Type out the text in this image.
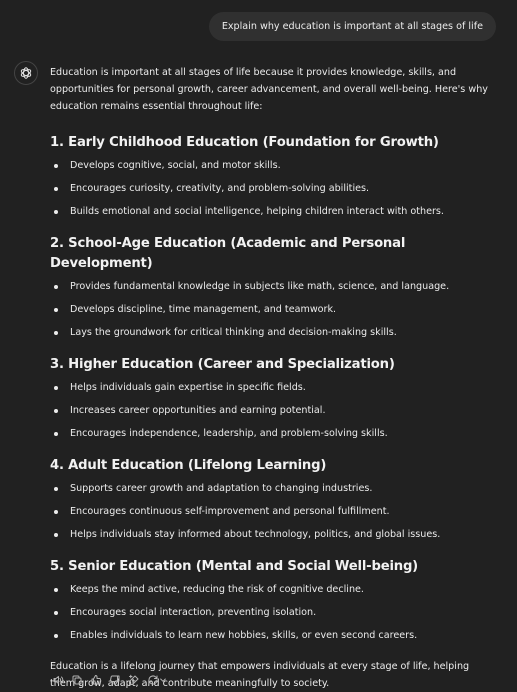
Explain why education is important at all stages of life

Education is important at all stages of life because it provides knowledge, skills, and opportunities for personal growth, career advancement, and overall well-being. Here's why education remains essential throughout life:

1. Early Childhood Education (Foundation for Growth)
Develops cognitive, social, and motor skills.
Encourages curiosity, creativity, and problem-solving abilities.
Builds emotional and social intelligence, helping children interact with others.
2. School-Age Education (Academic and Personal Development)
Provides fundamental knowledge in subjects like math, science, and language.
Develops discipline, time management, and teamwork.
Lays the groundwork for critical thinking and decision-making skills.
3. Higher Education (Career and Specialization)
Helps individuals gain expertise in specific fields.
Increases career opportunities and earning potential.
Encourages independence, leadership, and problem-solving skills.
4. Adult Education (Lifelong Learning)
Supports career growth and adaptation to changing industries.
Encourages continuous self-improvement and personal fulfillment.
Helps individuals stay informed about technology, politics, and global issues.
5. Senior Education (Mental and Social Well-being)
Keeps the mind active, reducing the risk of cognitive decline.
Encourages social interaction, preventing isolation.
Enables individuals to learn new hobbies, skills, or even second careers.

Education is a lifelong journey that empowers individuals at every stage of life, helping them grow, adapt, and contribute meaningfully to society.
